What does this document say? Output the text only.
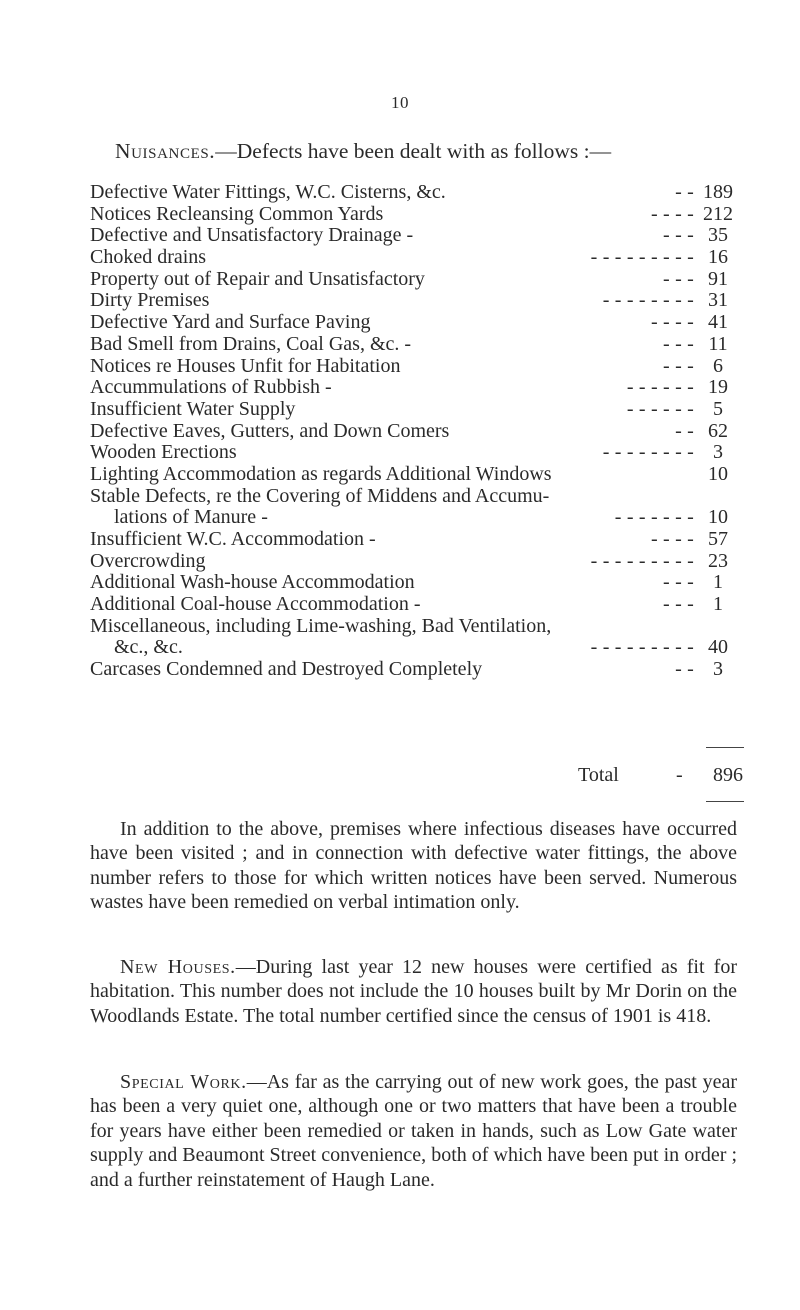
10
Nuisances.—Defects have been dealt with as follows :—
Defective Water Fittings, W.C. Cisterns, &c.	- - 189
Notices Recleansing Common Yards	- - - - 212
Defective and Unsatisfactory Drainage -	- - - 35
Choked drains	- - - - - - - - - 16
Property out of Repair and Unsatisfactory	- - - 91
Dirty Premises	- - - - - - - - 31
Defective Yard and Surface Paving	- - - - 41
Bad Smell from Drains, Coal Gas, &c. -	- - - 11
Notices re Houses Unfit for Habitation	- - - 6
Accummulations of Rubbish -	- - - - - - 19
Insufficient Water Supply	- - - - - - 5
Defective Eaves, Gutters, and Down Comers	- - 62
Wooden Erections	- - - - - - - - 3
Lighting Accommodation as regards Additional Windows	10
Stable Defects, re the Covering of Middens and Accumu-
lations of Manure -	- - - - - - - 10
Insufficient W.C. Accommodation -	- - - - 57
Overcrowding	- - - - - - - - - 23
Additional Wash-house Accommodation	- - - 1
Additional Coal-house Accommodation -	- - - 1
Miscellaneous, including Lime-washing, Bad Ventilation,
&c., &c.	- - - - - - - - - 40
Carcases Condemned and Destroyed Completely	- - 3
Total	-	896

In addition to the above, premises where infectious diseases have occurred have been visited ; and in connection with defective water fittings, the above number refers to those for which written notices have been served. Numerous wastes have been remedied on verbal intimation only.

New Houses.—During last year 12 new houses were certified as fit for habitation. This number does not include the 10 houses built by Mr Dorin on the Woodlands Estate. The total number certified since the census of 1901 is 418.

Special Work.—As far as the carrying out of new work goes, the past year has been a very quiet one, although one or two matters that have been a trouble for years have either been remedied or taken in hands, such as Low Gate water supply and Beaumont Street convenience, both of which have been put in order ; and a further reinstatement of Haugh Lane.
